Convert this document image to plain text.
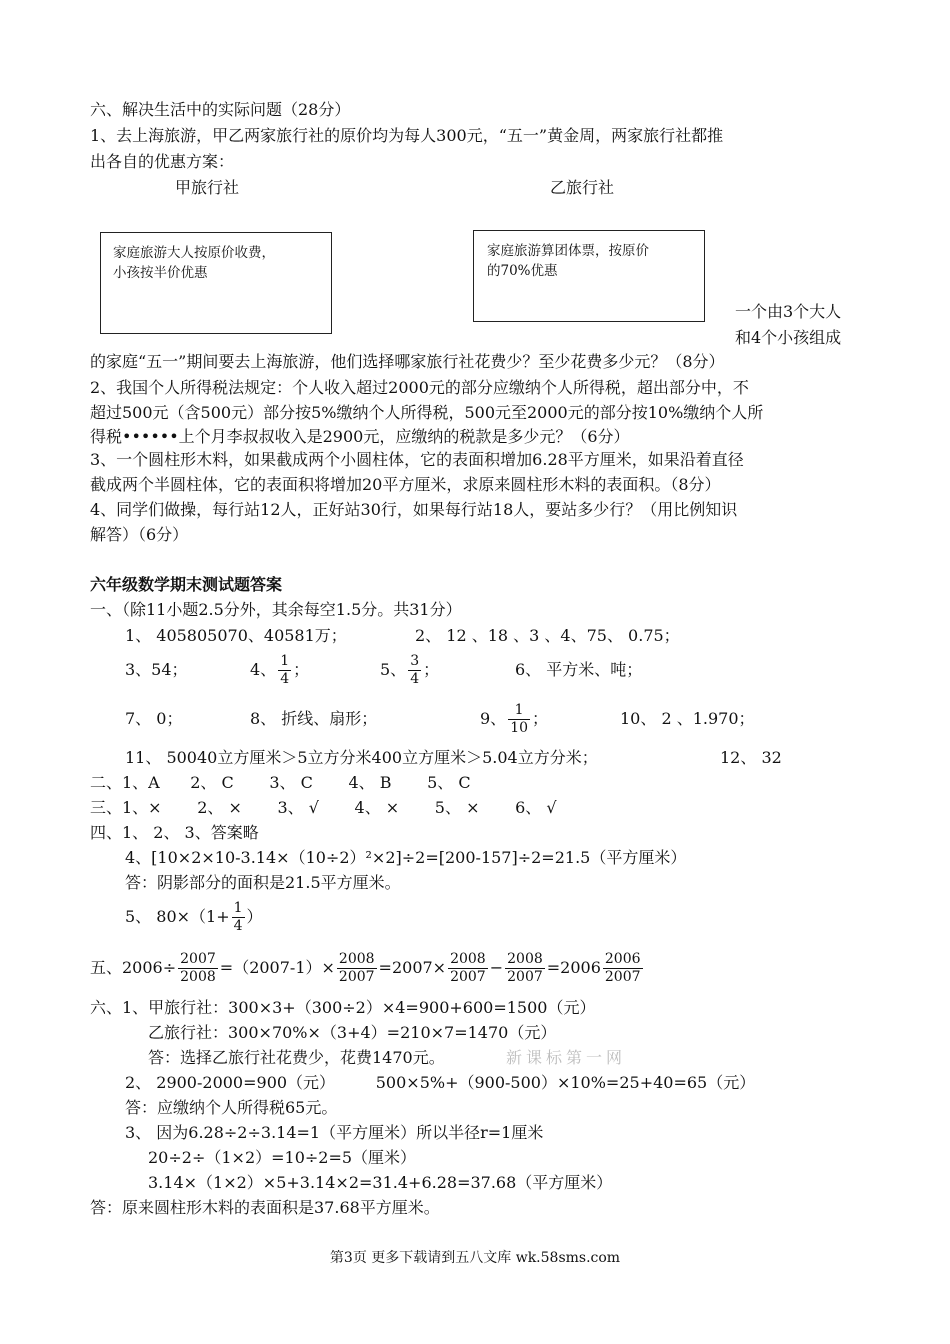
六、解决生活中的实际问题（28分）
1、去上海旅游，甲乙两家旅行社的原价均为每人300元，“五一”黄金周，两家旅行社都推
出各自的优惠方案：
甲旅行社	乙旅行社
家庭旅游大人按原价收费，
小孩按半价优惠
家庭旅游算团体票，按原价
的70%优惠
一个由3个大人
和4个小孩组成
的家庭“五一”期间要去上海旅游，他们选择哪家旅行社花费少？至少花费多少元？（8分）
2、我国个人所得税法规定：个人收入超过2000元的部分应缴纳个人所得税，超出部分中，不
超过500元（含500元）部分按5%缴纳个人所得税，500元至2000元的部分按10%缴纳个人所
得税••••••上个月李叔叔收入是2900元，应缴纳的税款是多少元？（6分）
3、一个圆柱形木料，如果截成两个小圆柱体，它的表面积增加6.28平方厘米，如果沿着直径
截成两个半圆柱体，它的表面积将增加20平方厘米，求原来圆柱形木料的表面积。（8分）
4、同学们做操，每行站12人，正好站30行，如果每行站18人，要站多少行？（用比例知识
解答）（6分）
六年级数学期末测试题答案
一、（除11小题2.5分外，其余每空1.5分。共31分）
1、 405805070、40581万；	2、 12 、18 、3 、4、75、 0.75；
3、54；	4、 $\frac{1}{4}$ ；	5、 $\frac{3}{4}$ ；	6、 平方米、吨；
7、 0；	8、 折线、扇形；	9、 $\frac{1}{10}$ ；	10、 2 、1.970；
11、 50040立方厘米＞5立方分米400立方厘米＞5.04立方分米；	12、 32
二、1、A      2、 C       3、 C       4、 B       5、 C
三、1、×       2、 ×       3、 √       4、 ×       5、 ×       6、 √
四、1、 2、 3、答案略
4、[10×2×10-3.14×（10÷2）²×2]÷2=[200-157]÷2=21.5（平方厘米）
答：阴影部分的面积是21.5平方厘米。
5、 $80\times(1+ \frac{1}{4}$ ）
五、$2006\div \frac{2007}{2008} =(2007-1)\times \frac{2008}{2007} =2007\times \frac{2008}{2007} - \frac{2008}{2007} =2006 \frac{2006}{2007}$
六、1、甲旅行社：300×3+（300÷2）×4=900+600=1500（元）
乙旅行社：300×70%×（3+4）=210×7=1470（元）
答：选择乙旅行社花费少，花费1470元。	新课标第一网
2、 2900-2000=900（元）        500×5%+（900-500）×10%=25+40=65（元）
答：应缴纳个人所得税65元。
3、 因为6.28÷2÷3.14=1（平方厘米）所以半径r=1厘米
20÷2÷（1×2）=10÷2=5（厘米）
3.14×（1×2）×5+3.14×2=31.4+6.28=37.68（平方厘米）
答：原来圆柱形木料的表面积是37.68平方厘米。
第3页 更多下载请到五八文库 wk.58sms.com
